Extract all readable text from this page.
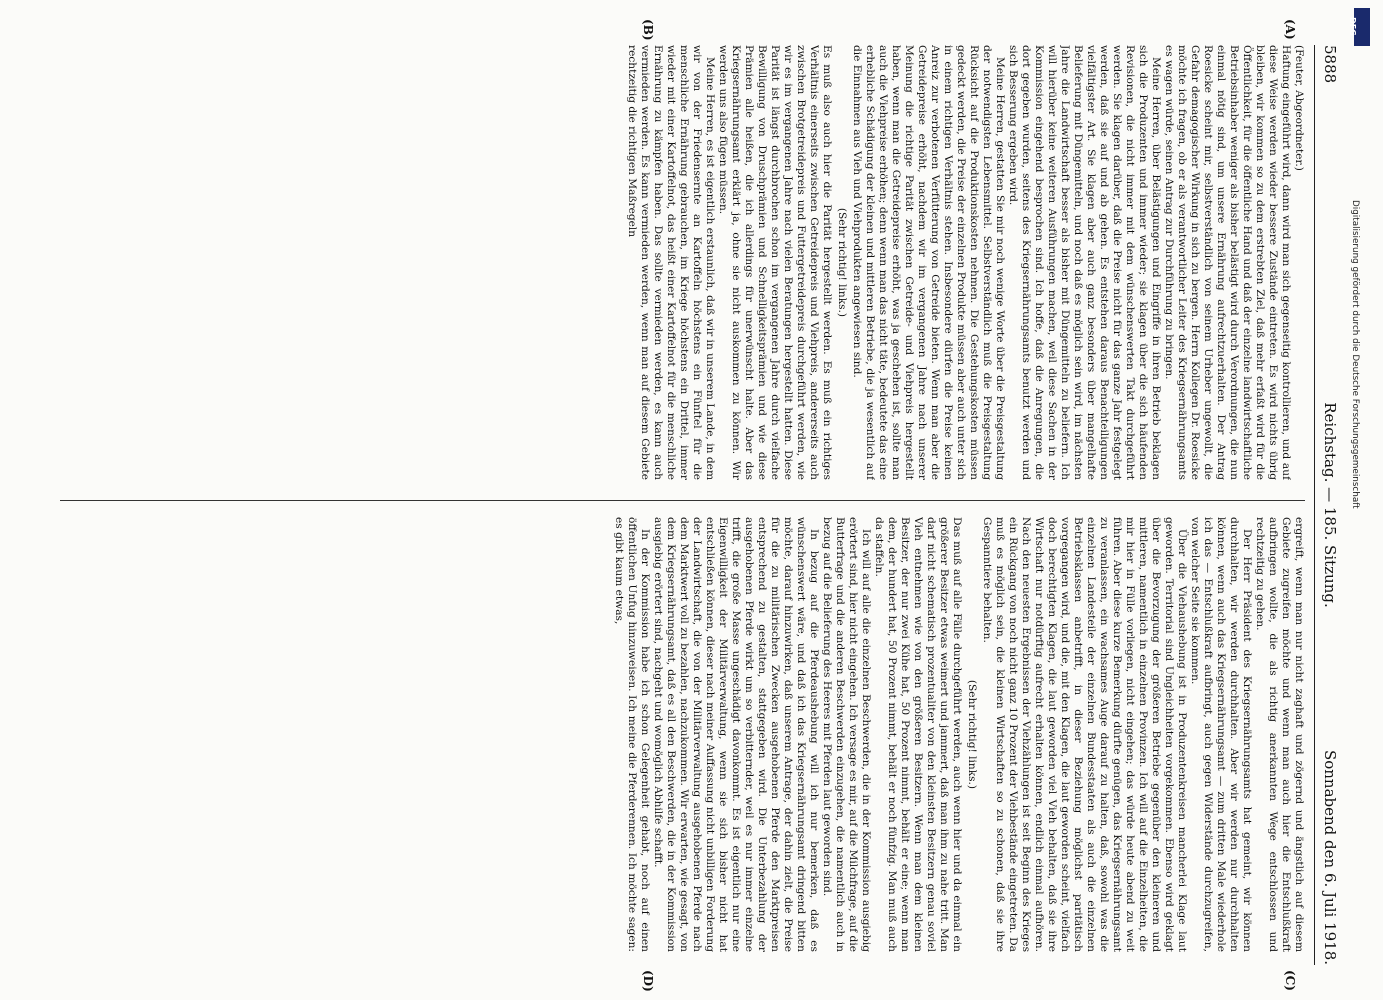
5888
Reichstag. — 185. Sitzung.
Sonnabend den 6. Juli 1918.

(Feuter, Abgeordneter.)

Haftung eingeführt wird, dann wird man sich gegenseitig kontrollieren, und auf diese Weise werden wieder bessere Zustände eintreten. Es wird nichts übrig bleiben, wir kommen so zu dem erstrebten Ziel, daß mehr erfaßt wird für die Öffentlichkeit, für die öffentliche Hand und daß der einzelne landwirtschaftliche Betriebsinhaber weniger als bisher belästigt wird durch Verordnungen, die nun einmal nötig sind, um unsere Ernährung aufrechtzuerhalten. Der Antrag Roesicke scheint mir, selbstverständlich von seinem Urheber ungewollt, die Gefahr demagogischer Wirkung in sich zu bergen. Herrn Kollegen Dr. Roesicke möchte ich fragen, ob er als verantwortlicher Leiter des Kriegsernährungsamts es wagen würde, seinen Antrag zur Durchführung zu bringen.

Meine Herren, über Belästigungen und Eingriffe in ihren Betrieb beklagen sich die Produzenten und immer wieder; sie klagen über die sich häufenden Revisionen, die nicht immer mit dem wünschenswerten Takt durchgeführt werden. Sie klagen darüber, daß die Preise nicht für das ganze Jahr festgelegt werden, daß sie auf und ab gehen. Es entstehen daraus Benachteiligungen vielfältigster Art. Sie klagen aber auch ganz besonders über mangelhafte Belieferung mit Düngemitteln, und noch daß es möglich sein wird, im nächsten Jahre die Landwirtschaft besser als bisher mit Düngemitteln zu beliefern. Ich will hierüber keine weiteren Ausführungen machen, weil diese Sachen in der Kommission eingehend besprochen sind. Ich hoffe, daß die Anregungen, die dort gegeben wurden, seitens des Kriegsernährungsamts benutzt werden und sich Besserung ergeben wird.

Meine Herren, gestatten Sie mir noch wenige Worte über die Preisgestaltung der notwendigsten Lebensmittel. Selbstverständlich muß die Preisgestaltung Rücksicht auf die Produktionskosten nehmen. Die Gestehungskosten müssen gedeckt werden, die Preise der einzelnen Produkte müssen aber auch unter sich in einem richtigen Verhältnis stehen. Insbesondere dürfen die Preise keinen Anreiz zur verbotenen Verfütterung von Getreide bieten. Wenn man aber die Getreidepreise erhöht, nachdem wir im vergangenen Jahre nach unserer Meinung die richtige Parität zwischen Getreide- und Viehpreis hergestellt haben, wenn man die Getreidepreise erhöht, was ja geschehen ist, sollte man auch die Viehpreise erhöhen; denn wenn man das nicht täte, bedeutete das eine erhebliche Schädigung der kleinen und mittleren Betriebe, die ja wesentlich auf die Einnahmen aus Vieh und Viehprodukten angewiesen sind.

(Sehr richtig! links.)

Es muß also auch hier die Parität hergestellt werden. Es muß ein richtiges Verhältnis einerseits zwischen Getreidepreis und Viehpreis, andererseits auch zwischen Brotgetreidepreis und Futtergetreidepreis durchgeführt werden, wie wir es im vergangenen Jahre nach vielen Beratungen hergestellt hatten. Diese Parität ist längst durchbrochen schon im vergangenen Jahre durch vielfache Bewilligung von Druschprämien und Schnelligkeitsprämien und wie diese Prämien alle heißen, die ich allerdings für unerwünscht halte. Aber das Kriegsernährungsamt erklärt ja, ohne sie nicht auskommen zu können. Wir werden uns also fügen müssen.

Meine Herren, es ist eigentlich erstaunlich, daß wir in unserem Lande, in dem wir von der Friedensernte an Kartoffeln höchstens ein Fünftel für die menschliche Ernährung gebrauchen, im Kriege höchstens ein Drittel, immer wieder mit einer Kartoffelnot, das heißt einer Kartoffelnot für die menschliche Ernährung zu kämpfen haben. Das sollte vermieden werden, es kann auch vermieden werden. Es kann vermieden werden, wenn man auf diesem Gebiete rechtzeitig die richtigen Maßregeln

ergreift, wenn man nur nicht zaghaft und zögernd und ängstlich auf diesem Gebiete zugreifen möchte und wenn man auch hier die Entschlußkraft aufbringen wollte, die als richtig anerkannten Wege entschlossen und rechtzeitig zu gehen.

Der Herr Präsident des Kriegsernährungsamts hat gemeint, wir können durchhalten, wir werden durchhalten. Aber wir werden nur durchhalten können, wenn auch das Kriegsernährungsamt — zum dritten Male wiederhole ich das — Entschlußkraft aufbringt, auch gegen Widerstände durchzugreifen, von welcher Seite sie kommen.

Über die Viehaushebung ist in Produzentenkreisen mancherlei Klage laut geworden. Territorial sind Ungleichheiten vorgekommen. Ebenso wird geklagt über die Bevorzugung der größeren Betriebe gegenüber den kleineren und mittleren, namentlich in einzelnen Provinzen. Ich will auf die Einzelheiten, die mir hier in Fülle vorliegen, nicht eingehen; das würde heute abend zu weit führen. Aber diese kurze Bemerkung dürfte genügen, das Kriegsernährungsamt zu veranlassen, ein wachsames Auge darauf zu halten, daß, sowohl was die einzelnen Landesteile der einzelnen Bundesstaaten als auch die einzelnen Betriebsklassen anbetrifft, in dieser Beziehung möglichst paritätisch vorgegangen wird, und die, mit den Klagen, die laut geworden scheint, vielfach doch berechtigten Klagen, die laut geworden viel Vieh behalten, daß sie ihre Wirtschaft nur notdürftig aufrecht erhalten können, endlich einmal aufhören. Nach den neuesten Ergebnissen der Viehzählungen ist seit Beginn des Krieges ein Rückgang von noch nicht ganz 10 Prozent der Viehbestände eingetreten. Da muß es möglich sein, die kleinen Wirtschaften so zu schonen, daß sie ihre Gespanntiere behalten.

(Sehr richtig! links.)

Das muß auf alle Fälle durchgeführt werden, auch wenn hier und da einmal ein größerer Besitzer etwas weimert und jammert, daß man ihm zu nahe tritt. Man darf nicht schematisch prozentualiter von den kleinsten Besitzern genau soviel Vieh entnehmen wie von den größeren Besitzern. Wenn man dem kleinen Besitzer, der nur zwei Kühe hat, 50 Prozent nimmt, behält er eine; wenn man dem, der hundert hat, 50 Prozent nimmt, behält er noch fünfzig. Man muß auch da staffeln.

Ich will auf alle die einzelnen Beschwerden, die in der Kommission ausgiebig erörtert sind, hier nicht eingehen. Ich versage es mir, auf die Milchfrage, auf die Butterfrage und die anderen Beschwerden einzugehen, die namentlich auch in bezug auf die Belieferung des Heeres mit Pferden laut geworden sind.

In bezug auf die Pferdeaushebung will ich nur bemerken, daß es wünschenswert wäre, und daß ich das Kriegsernährungsamt dringend bitten möchte, darauf hinzuwirken, daß unserem Antrage, der dahin zielt, die Preise für die zu militärischen Zwecken ausgehobenen Pferde den Marktpreisen entsprechend zu gestalten, stattgegeben wird. Die Unterbezahlung der ausgehobenen Pferde wirkt um so verbitternder, weil es nur immer einzelne trifft, die große Masse ungeschädigt davonkommt. Es ist eigentlich nur eine Eigenwilligkeit der Militärverwaltung, wenn sie sich bisher nicht hat entschließen können, dieser nach meiner Auffassung nicht unbilligen Forderung der Landwirtschaft, die von der Militärverwaltung ausgehobenen Pferde nach dem Marktwert voll zu bezahlen, nachzukommen. Wir erwarten, wie gesagt, von dem Kriegsernährungsamt, daß es all den Beschwerden, die in der Kommission ausgiebig erörtert sind, nachgeht und womöglich Abhilfe schafft.

In der Kommission habe ich schon Gelegenheit gehabt, noch auf einen öffentlichen Unfug hinzuweisen. Ich meine die Pferderennen. Ich möchte sagen: es gibt kaum etwas,

(A)
(B)
(C)
(D)
DFG
Digitalisierung gefördert durch die Deutsche Forschungsgemeinschaft
